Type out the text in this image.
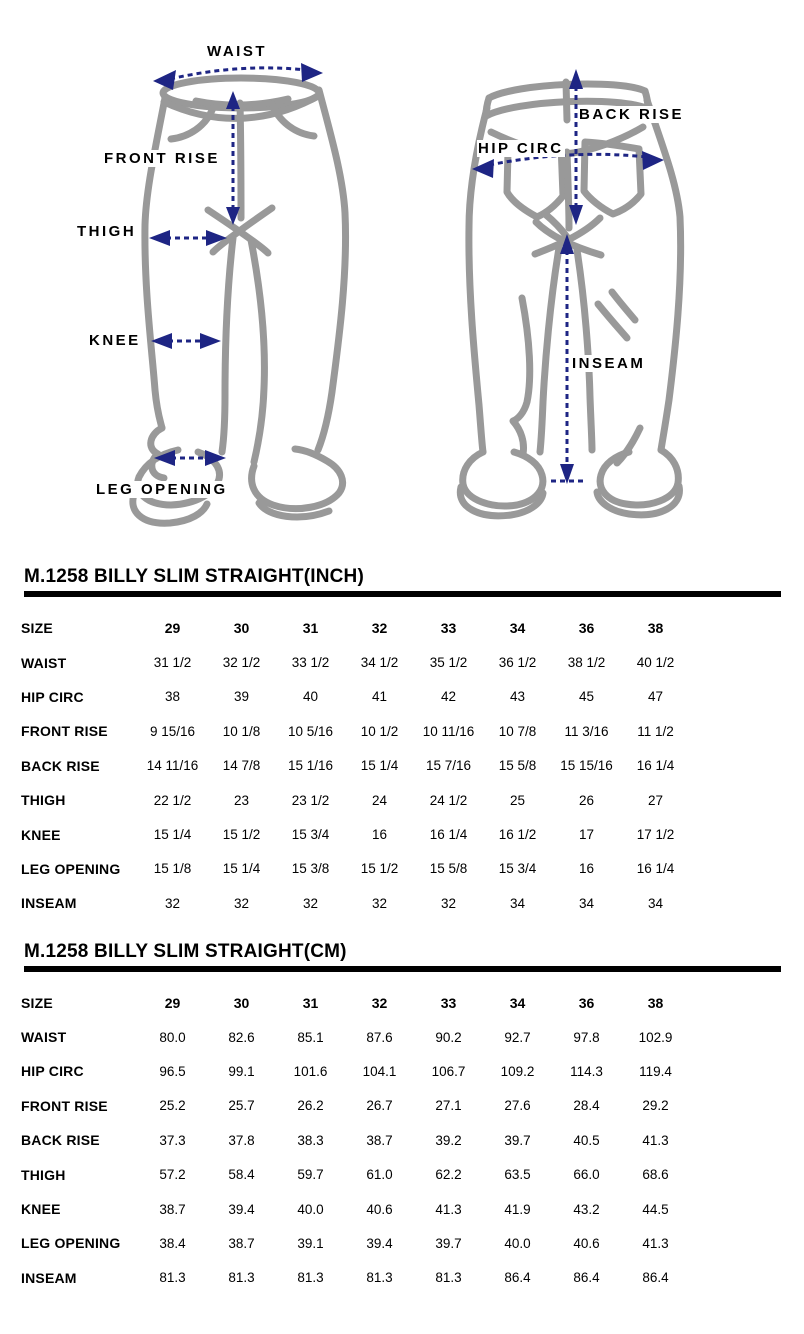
WAIST
FRONT RISE
THIGH
KNEE
LEG OPENING
BACK RISE
HIP CIRC
INSEAM
M.1258 BILLY SLIM STRAIGHT(INCH)
SIZE	29	30	31	32	33	34	36	38
WAIST	31 1/2	32 1/2	33 1/2	34 1/2	35 1/2	36 1/2	38 1/2	40 1/2
HIP CIRC	38	39	40	41	42	43	45	47
FRONT RISE	9 15/16	10 1/8	10 5/16	10 1/2	10 11/16	10 7/8	11 3/16	11 1/2
BACK RISE	14 11/16	14 7/8	15 1/16	15 1/4	15 7/16	15 5/8	15 15/16	16 1/4
THIGH	22 1/2	23	23 1/2	24	24 1/2	25	26	27
KNEE	15 1/4	15 1/2	15 3/4	16	16 1/4	16 1/2	17	17 1/2
LEG OPENING	15 1/8	15 1/4	15 3/8	15 1/2	15 5/8	15 3/4	16	16 1/4
INSEAM	32	32	32	32	32	34	34	34
M.1258 BILLY SLIM STRAIGHT(CM)
SIZE	29	30	31	32	33	34	36	38
WAIST	80.0	82.6	85.1	87.6	90.2	92.7	97.8	102.9
HIP CIRC	96.5	99.1	101.6	104.1	106.7	109.2	114.3	119.4
FRONT RISE	25.2	25.7	26.2	26.7	27.1	27.6	28.4	29.2
BACK RISE	37.3	37.8	38.3	38.7	39.2	39.7	40.5	41.3
THIGH	57.2	58.4	59.7	61.0	62.2	63.5	66.0	68.6
KNEE	38.7	39.4	40.0	40.6	41.3	41.9	43.2	44.5
LEG OPENING	38.4	38.7	39.1	39.4	39.7	40.0	40.6	41.3
INSEAM	81.3	81.3	81.3	81.3	81.3	86.4	86.4	86.4
